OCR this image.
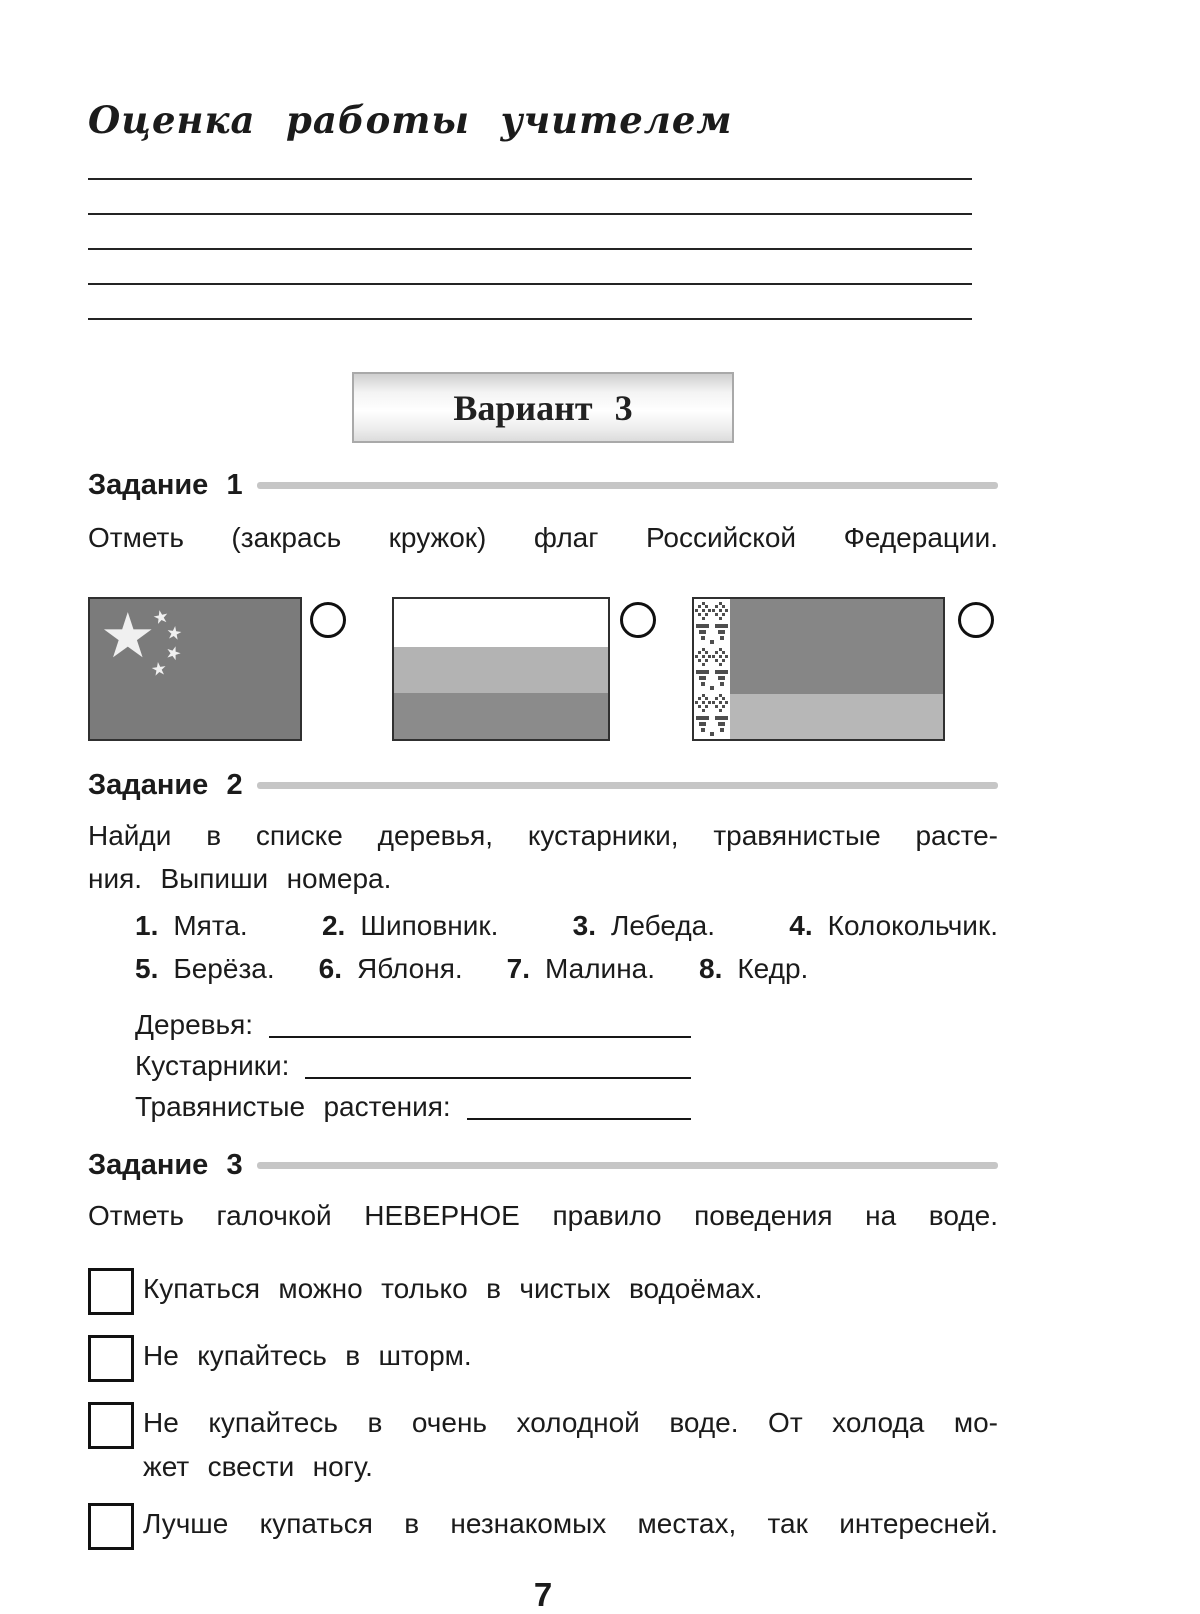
Оценка работы учителем
Вариант 3
Задание 1
Отметь (закрась кружок) флаг Российской Федерации.
★
★
★
★
★
Задание 2
Найди в списке деревья, кустарники, травянистые расте-
ния. Выпиши номера.
1. Мята.	2. Шиповник.	3. Лебеда.	4. Колокольчик.
5. Берёза. 6. Яблоня. 7. Малина. 8. Кедр.
Деревья:
Кустарники:
Травянистые растения:
Задание 3
Отметь галочкой НЕВЕРНОЕ правило поведения на воде.
Купаться можно только в чистых водоёмах.
Не купайтесь в шторм.
Не купайтесь в очень холодной воде. От холода мо-
жет свести ногу.
Лучше купаться в незнакомых местах, так интересней.
7
